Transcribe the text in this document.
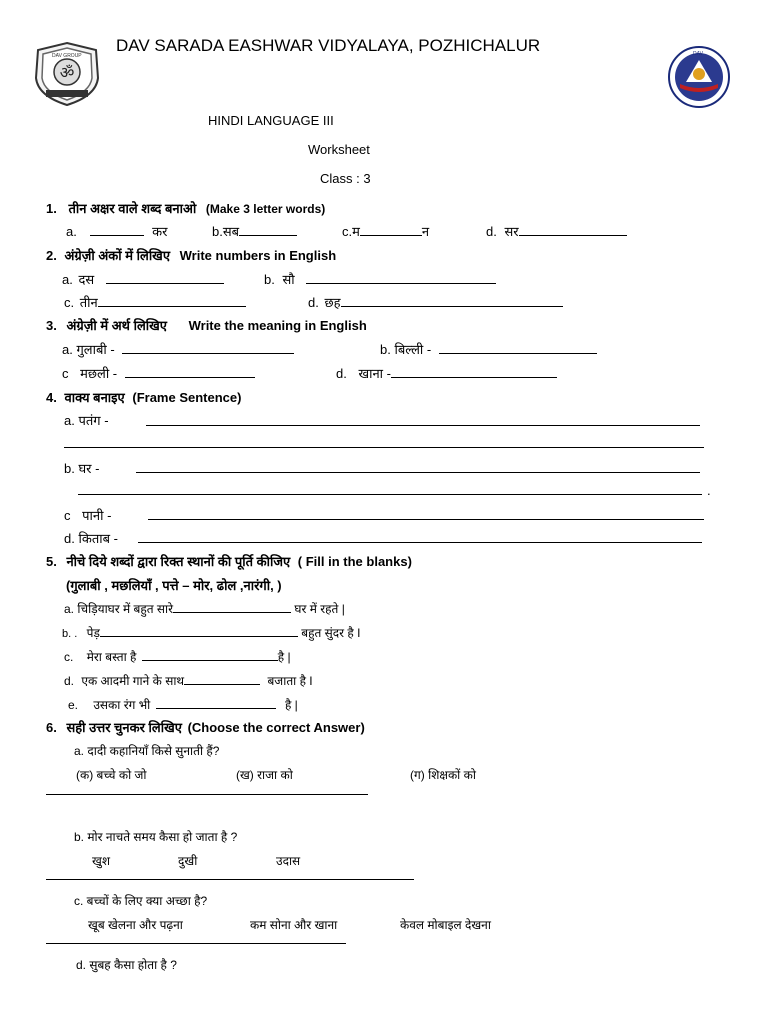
ॐ
DAV GROUP	DAV
DAV SARADA EASHWAR VIDYALAYA, POZHICHALUR
HINDI LANGUAGE III
Worksheet
Class : 3
1. तीन अक्षर वाले शब्द बनाओ (Make 3 letter words)
a.	कर	b.सब	c.म	न	d. सर
2. अंग्रेज़ी अंकों में लिखिए Write numbers in English
a. दस	b. सौ
c. तीन	d. छह
3. अंग्रेज़ी में अर्थ लिखिए Write the meaning in English
a. गुलाबी -	b. बिल्ली -
c मछली -	d. खाना -
4. वाक्य बनाइए (Frame Sentence)
a. पतंग -
b. घर -
.
c पानी -
d. किताब -
5. नीचे दिये शब्दों द्वारा रिक्त स्थानों की पूर्ति कीजिए ( Fill in the blanks)
(गुलाबी , मछलियाँ , पत्ते – मोर, ढोल ,नारंगी, )
a. चिड़ियाघर में बहुत सारे	घर में रहते |
b. . पेड़	बहुत सुंदर है I
c. मेरा बस्ता है	है |
d. एक आदमी गाने के साथ	बजाता है I
e. उसका रंग भी	है |
6. सही उत्तर चुनकर लिखिए (Choose the correct Answer)
a. दादी कहानियाँ किसे सुनाती हैं?
(क) बच्चे को जो	(ख) राजा को	(ग) शिक्षकों को
b. मोर नाचते समय कैसा हो जाता है ?
खुश	दुखी	उदास
c. बच्चों के लिए क्या अच्छा है?
खूब खेलना और पढ़ना	कम सोना और खाना	केवल मोबाइल देखना
d. सुबह कैसा होता है ?
